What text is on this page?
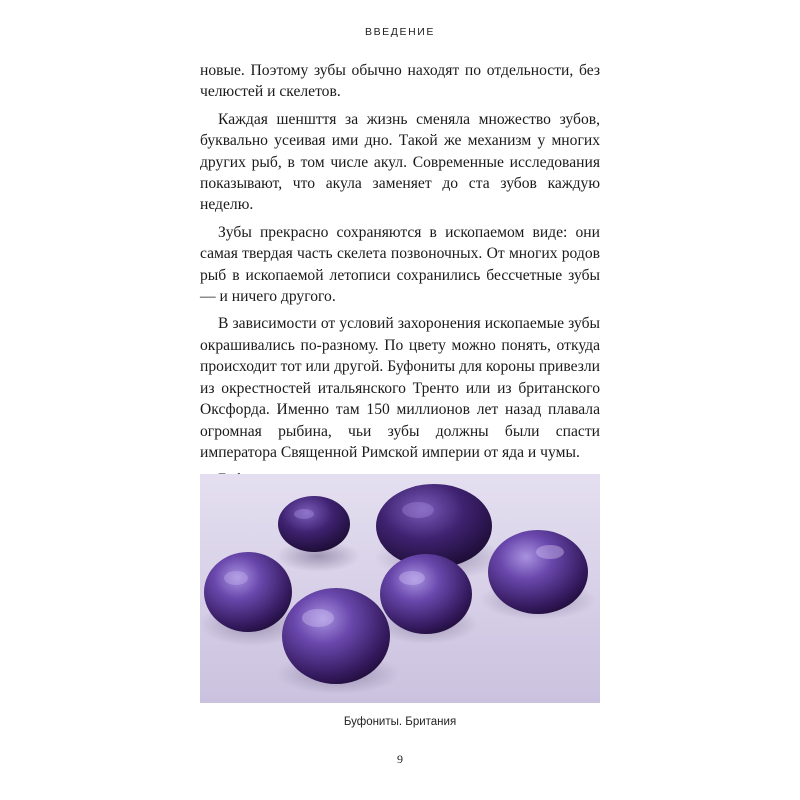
ВВЕДЕНИЕ

новые. Поэтому зубы обычно находят по отдельности, без челюстей и скелетов.

Каждая шеншття за жизнь сменяла множество зубов, буквально усеивая ими дно. Такой же механизм у многих других рыб, в том числе акул. Современные исследования показывают, что акула заменяет до ста зубов каждую неделю.

Зубы прекрасно сохраняются в ископаемом виде: они самая твердая часть скелета позвоночных. От многих родов рыб в ископаемой летописи сохранились бессчетные зубы — и ничего другого.

В зависимости от условий захоронения ископаемые зубы окрашивались по-разному. По цвету можно понять, откуда происходит тот или другой. Буфониты для короны привезли из окрестностей итальянского Тренто или из британского Оксфорда. Именно там 150 миллионов лет назад плавала огромная рыбина, чьи зубы должны были спасти императора Священной Римской империи от яда и чумы.

Буфониты. Британия
9
